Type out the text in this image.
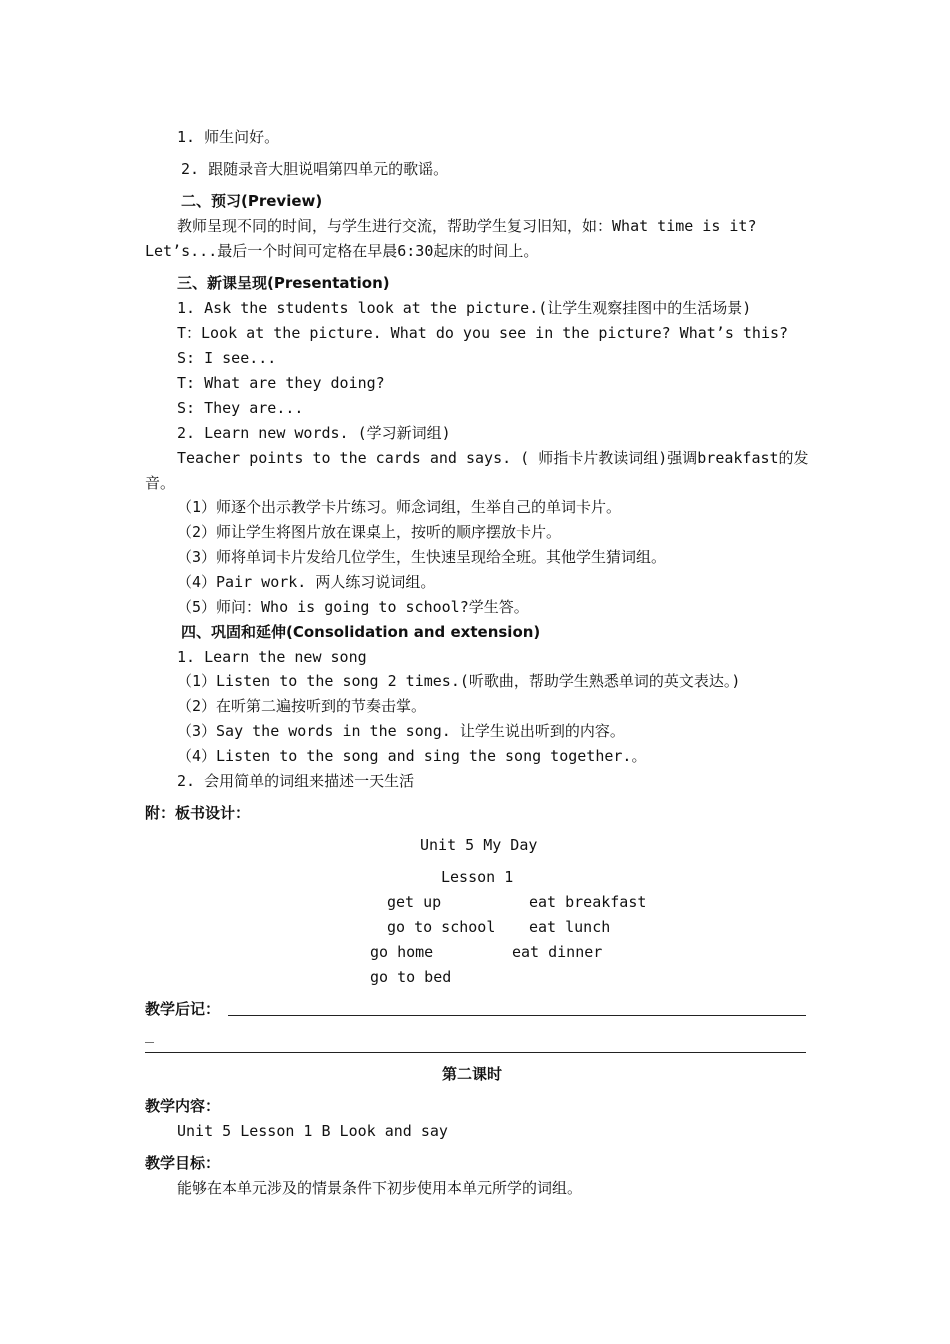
1. 师生问好。
2. 跟随录音大胆说唱第四单元的歌谣。
二、预习(Preview)
教师呈现不同的时间，与学生进行交流，帮助学生复习旧知，如：What time is it?
Let’s...最后一个时间可定格在早晨6:30起床的时间上。
三、新课呈现(Presentation)
1. Ask the students look at the picture.(让学生观察挂图中的生活场景)
T：Look at the picture. What do you see in the picture? What’s this?
S: I see...
T: What are they doing?
S: They are...
2. Learn new words. (学习新词组)
Teacher points to the cards and says. ( 师指卡片教读词组)强调breakfast的发
音。
（1）师逐个出示教学卡片练习。师念词组，生举自己的单词卡片。
（2）师让学生将图片放在课桌上，按听的顺序摆放卡片。
（3）师将单词卡片发给几位学生，生快速呈现给全班。其他学生猜词组。
（4）Pair work. 两人练习说词组。
（5）师问：Who is going to school?学生答。
四、巩固和延伸(Consolidation and extension)
1. Learn the new song
（1）Listen to the song 2 times.(听歌曲，帮助学生熟悉单词的英文表达。)
（2）在听第二遍按听到的节奏击掌。
（3）Say the words in the song. 让学生说出听到的内容。
（4）Listen to the song and sing the song together.。
2. 会用简单的词组来描述一天生活
附：板书设计：
Unit 5 My Day
Lesson 1
get up	eat breakfast
go to school eat lunch
go home	eat dinner
go to bed
教学后记：
_
第二课时
教学内容：
Unit 5 Lesson 1 B Look and say
教学目标：
能够在本单元涉及的情景条件下初步使用本单元所学的词组。
